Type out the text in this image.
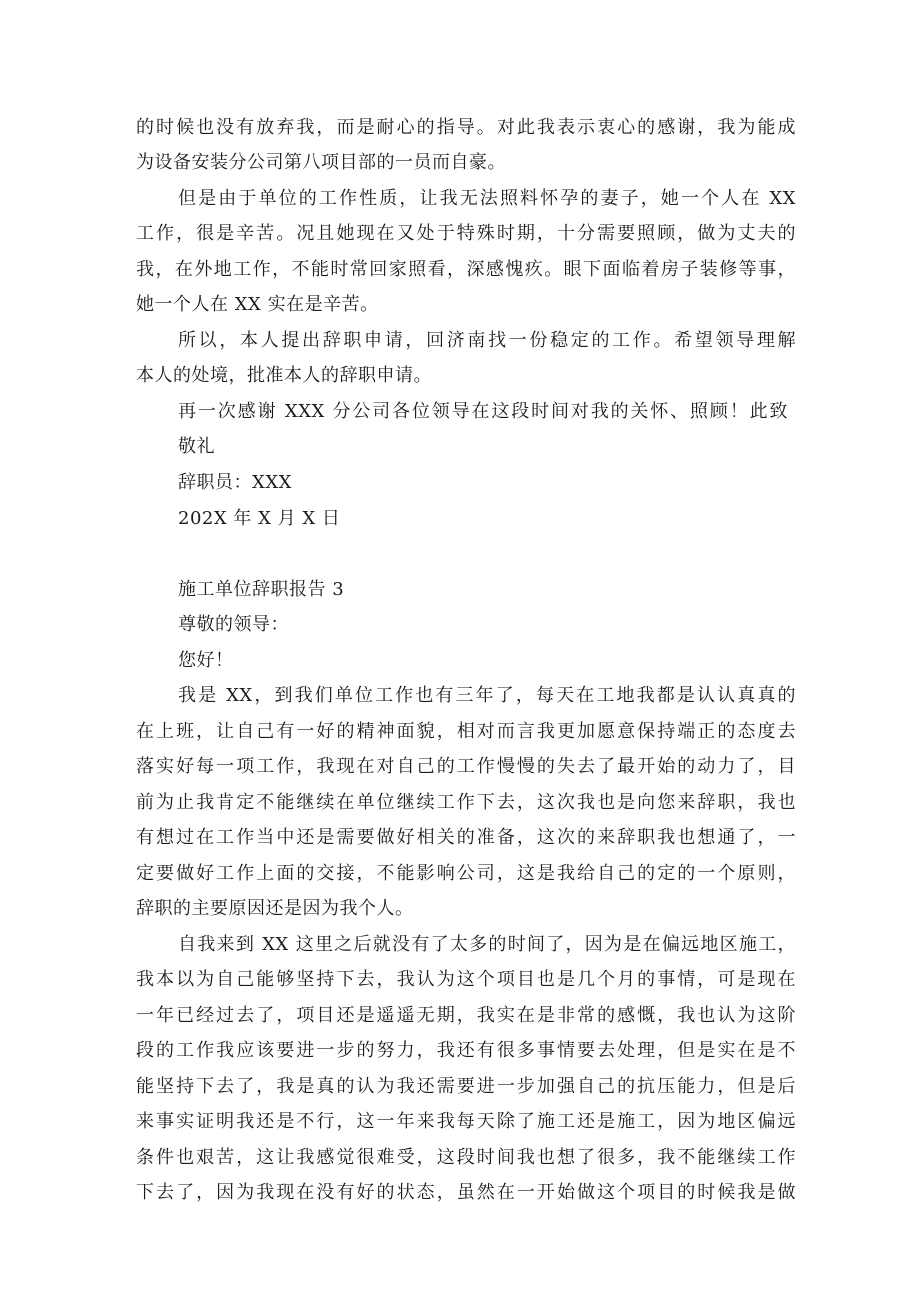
的时候也没有放弃我，而是耐心的指导。对此我表示衷心的感谢，我为能成
为设备安装分公司第八项目部的一员而自豪。
但是由于单位的工作性质，让我无法照料怀孕的妻子，她一个人在 XX
工作，很是辛苦。况且她现在又处于特殊时期，十分需要照顾，做为丈夫的
我，在外地工作，不能时常回家照看，深感愧疚。眼下面临着房子装修等事，
她一个人在 XX 实在是辛苦。
所以，本人提出辞职申请，回济南找一份稳定的工作。希望领导理解
本人的处境，批准本人的辞职申请。
再一次感谢 XXX 分公司各位领导在这段时间对我的关怀、照顾！此致
敬礼
辞职员：XXX
202X 年 X 月 X 日
施工单位辞职报告 3
尊敬的领导：
您好！
我是 XX，到我们单位工作也有三年了，每天在工地我都是认认真真的
在上班，让自己有一好的精神面貌，相对而言我更加愿意保持端正的态度去
落实好每一项工作，我现在对自己的工作慢慢的失去了最开始的动力了，目
前为止我肯定不能继续在单位继续工作下去，这次我也是向您来辞职，我也
有想过在工作当中还是需要做好相关的准备，这次的来辞职我也想通了，一
定要做好工作上面的交接，不能影响公司，这是我给自己的定的一个原则，
辞职的主要原因还是因为我个人。
自我来到 XX 这里之后就没有了太多的时间了，因为是在偏远地区施工，
我本以为自己能够坚持下去，我认为这个项目也是几个月的事情，可是现在
一年已经过去了，项目还是遥遥无期，我实在是非常的感慨，我也认为这阶
段的工作我应该要进一步的努力，我还有很多事情要去处理，但是实在是不
能坚持下去了，我是真的认为我还需要进一步加强自己的抗压能力，但是后
来事实证明我还是不行，这一年来我每天除了施工还是施工，因为地区偏远
条件也艰苦，这让我感觉很难受，这段时间我也想了很多，我不能继续工作
下去了，因为我现在没有好的状态，虽然在一开始做这个项目的时候我是做
